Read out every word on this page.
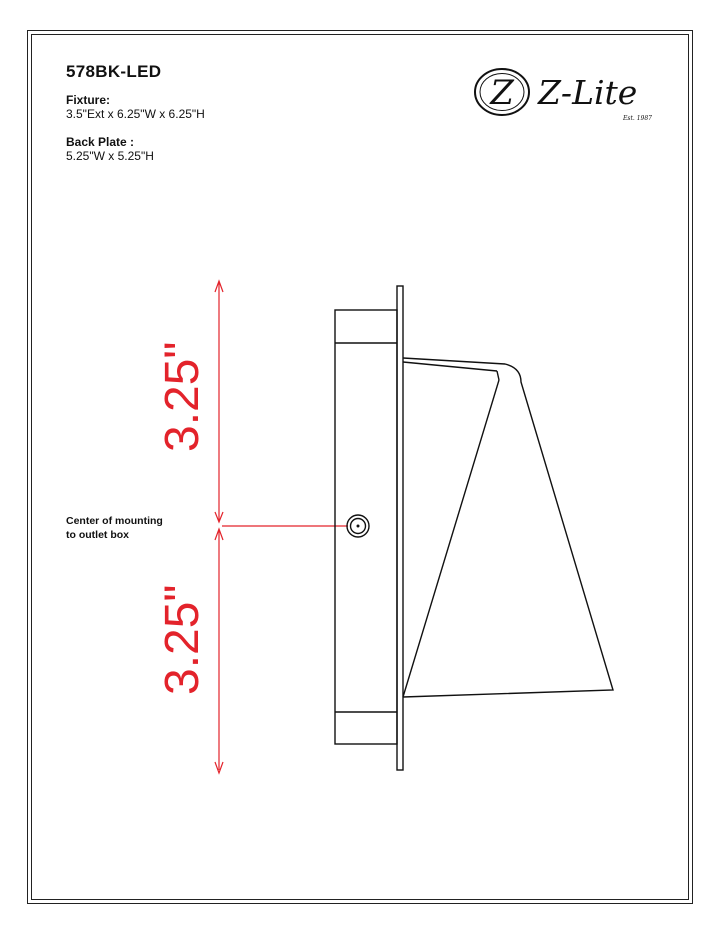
578BK-LED
Fixture:
3.5"Ext x 6.25"W x 6.25"H
Back Plate :
5.25"W x 5.25"H
Z Z-Lite
Est. 1987
3.25"
3.25"
Center of mounting
to outlet box
